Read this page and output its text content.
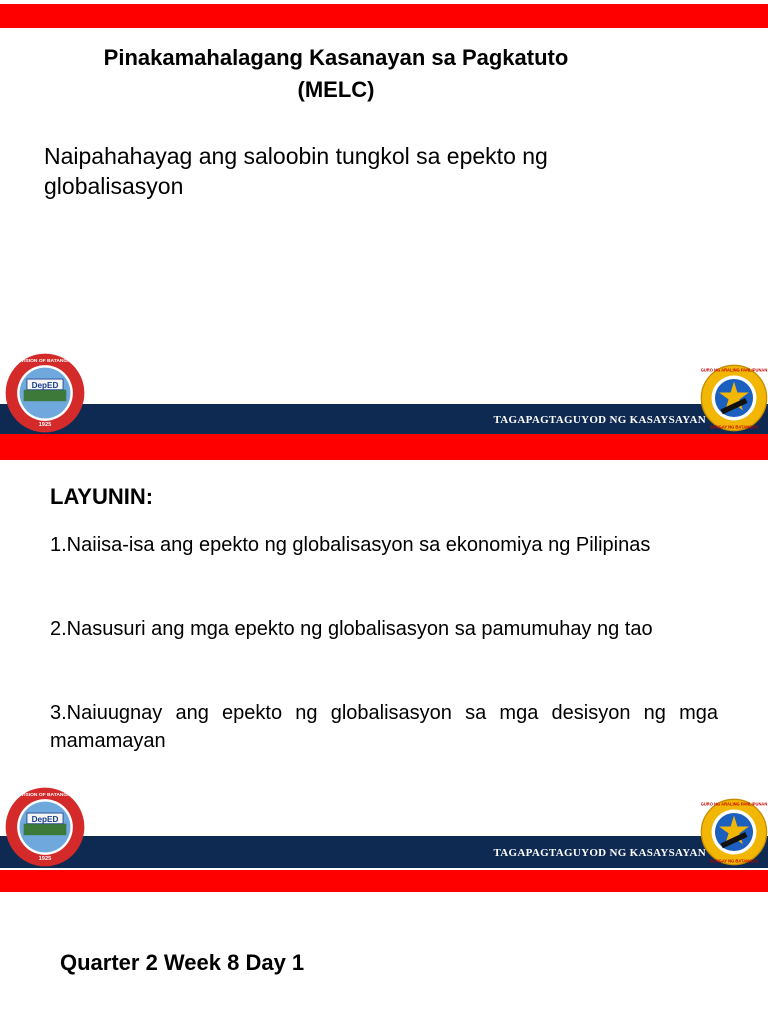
Pinakamahalagang Kasanayan sa Pagkatuto
(MELC)
Naipahahayag ang saloobin tungkol sa epekto ng globalisasyon
TAGAPAGTAGUYOD NG KASAYSAYAN
DepED
1925
DIVISION OF BATANGAS
GURO NG ARALING PANLIPUNAN
SANGAY NG BATANGAS
LAYUNIN:
1.Naiisa-isa ang epekto ng globalisasyon sa ekonomiya ng Pilipinas
2.Nasusuri ang mga epekto ng globalisasyon sa pamumuhay ng tao
3.Naiuugnay ang epekto ng globalisasyon sa mga desisyon ng mga mamamayan
TAGAPAGTAGUYOD NG KASAYSAYAN
DepED
1925
DIVISION OF BATANGAS
GURO NG ARALING PANLIPUNAN
SANGAY NG BATANGAS
Quarter 2 Week 8 Day 1
